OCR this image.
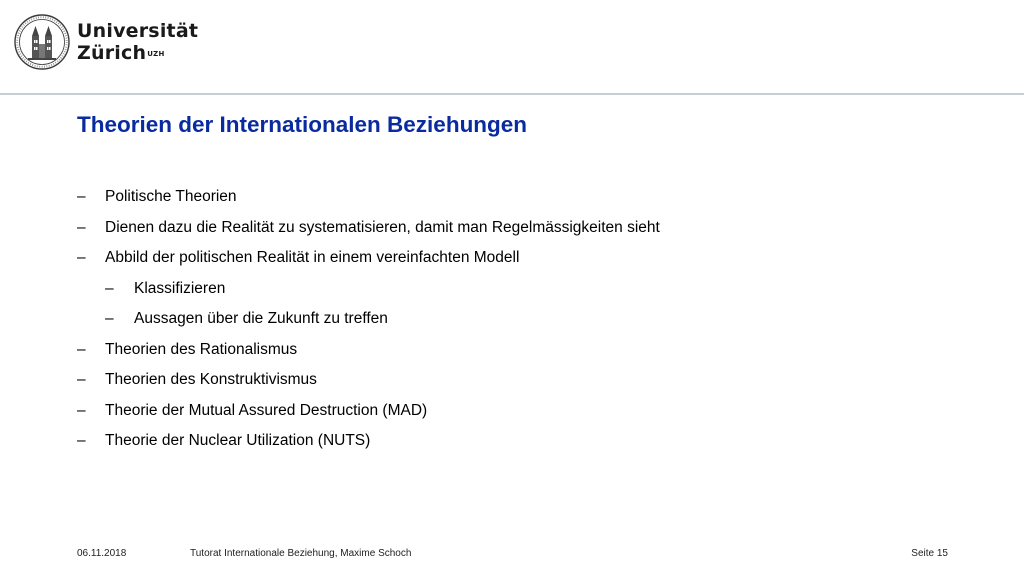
Universität
Zürich$^{UZH}$
Theorien der Internationalen Beziehungen
– Politische Theorien
– Dienen dazu die Realität zu systematisieren, damit man Regelmässigkeiten sieht
– Abbild der politischen Realität in einem vereinfachten Modell
– Klassifizieren
– Aussagen über die Zukunft zu treffen
– Theorien des Rationalismus
– Theorien des Konstruktivismus
– Theorie der Mutual Assured Destruction (MAD)
– Theorie der Nuclear Utilization (NUTS)
06.11.2018	Tutorat Internationale Beziehung, Maxime Schoch	Seite 15
